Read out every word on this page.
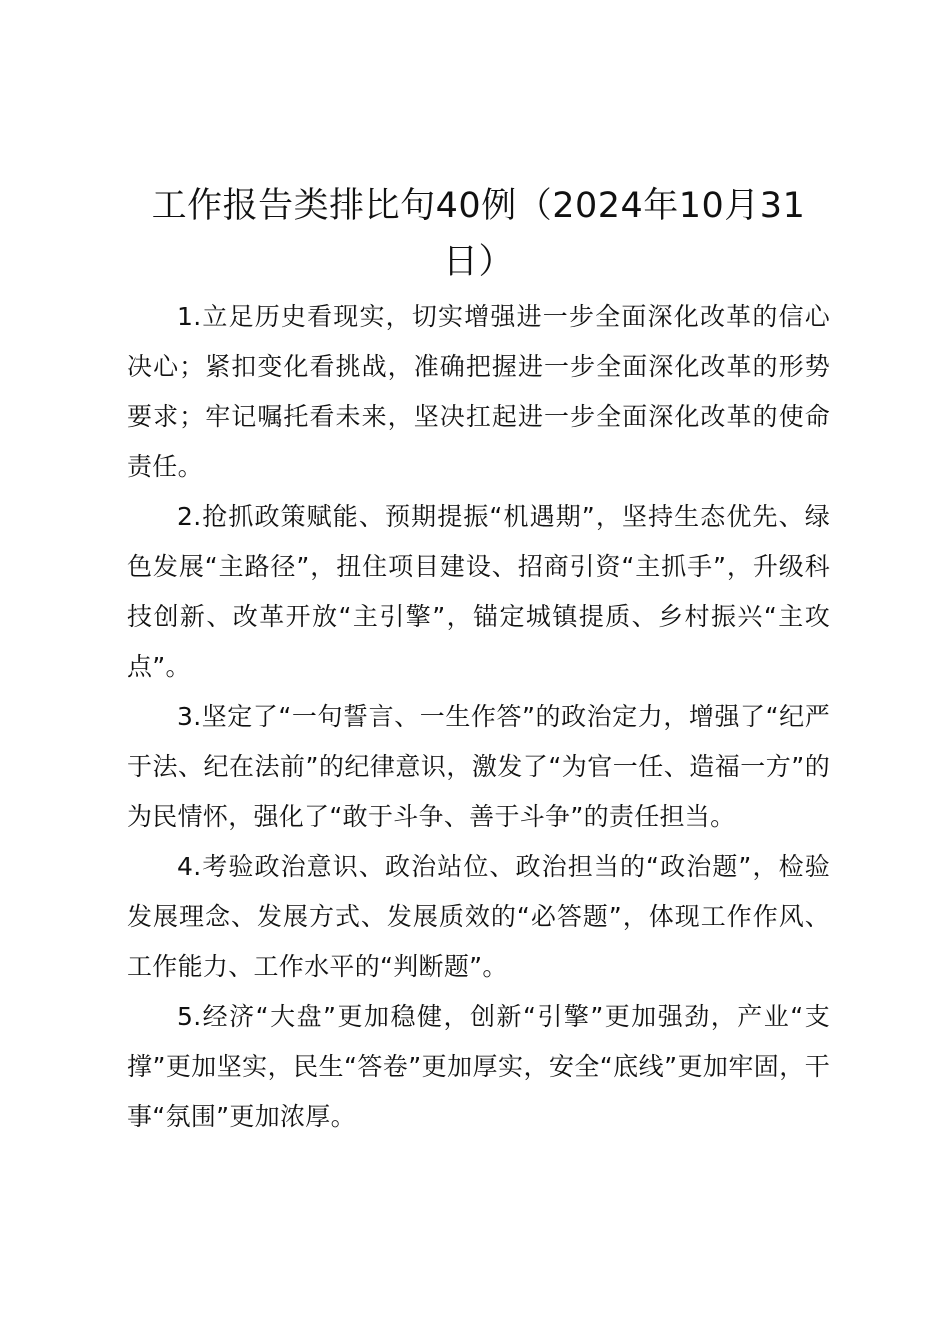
工作报告类排比句40例（2024年10月31日）

1.立足历史看现实，切实增强进一步全面深化改革的信心决心；紧扣变化看挑战，准确把握进一步全面深化改革的形势要求；牢记嘱托看未来，坚决扛起进一步全面深化改革的使命责任。

2.抢抓政策赋能、预期提振“机遇期”，坚持生态优先、绿色发展“主路径”，扭住项目建设、招商引资“主抓手”，升级科技创新、改革开放“主引擎”，锚定城镇提质、乡村振兴“主攻点”。

3.坚定了“一句誓言、一生作答”的政治定力，增强了“纪严于法、纪在法前”的纪律意识，激发了“为官一任、造福一方”的为民情怀，强化了“敢于斗争、善于斗争”的责任担当。

4.考验政治意识、政治站位、政治担当的“政治题”，检验发展理念、发展方式、发展质效的“必答题”，体现工作作风、工作能力、工作水平的“判断题”。

5.经济“大盘”更加稳健，创新“引擎”更加强劲，产业“支撑”更加坚实，民生“答卷”更加厚实，安全“底线”更加牢固，干事“氛围”更加浓厚。
